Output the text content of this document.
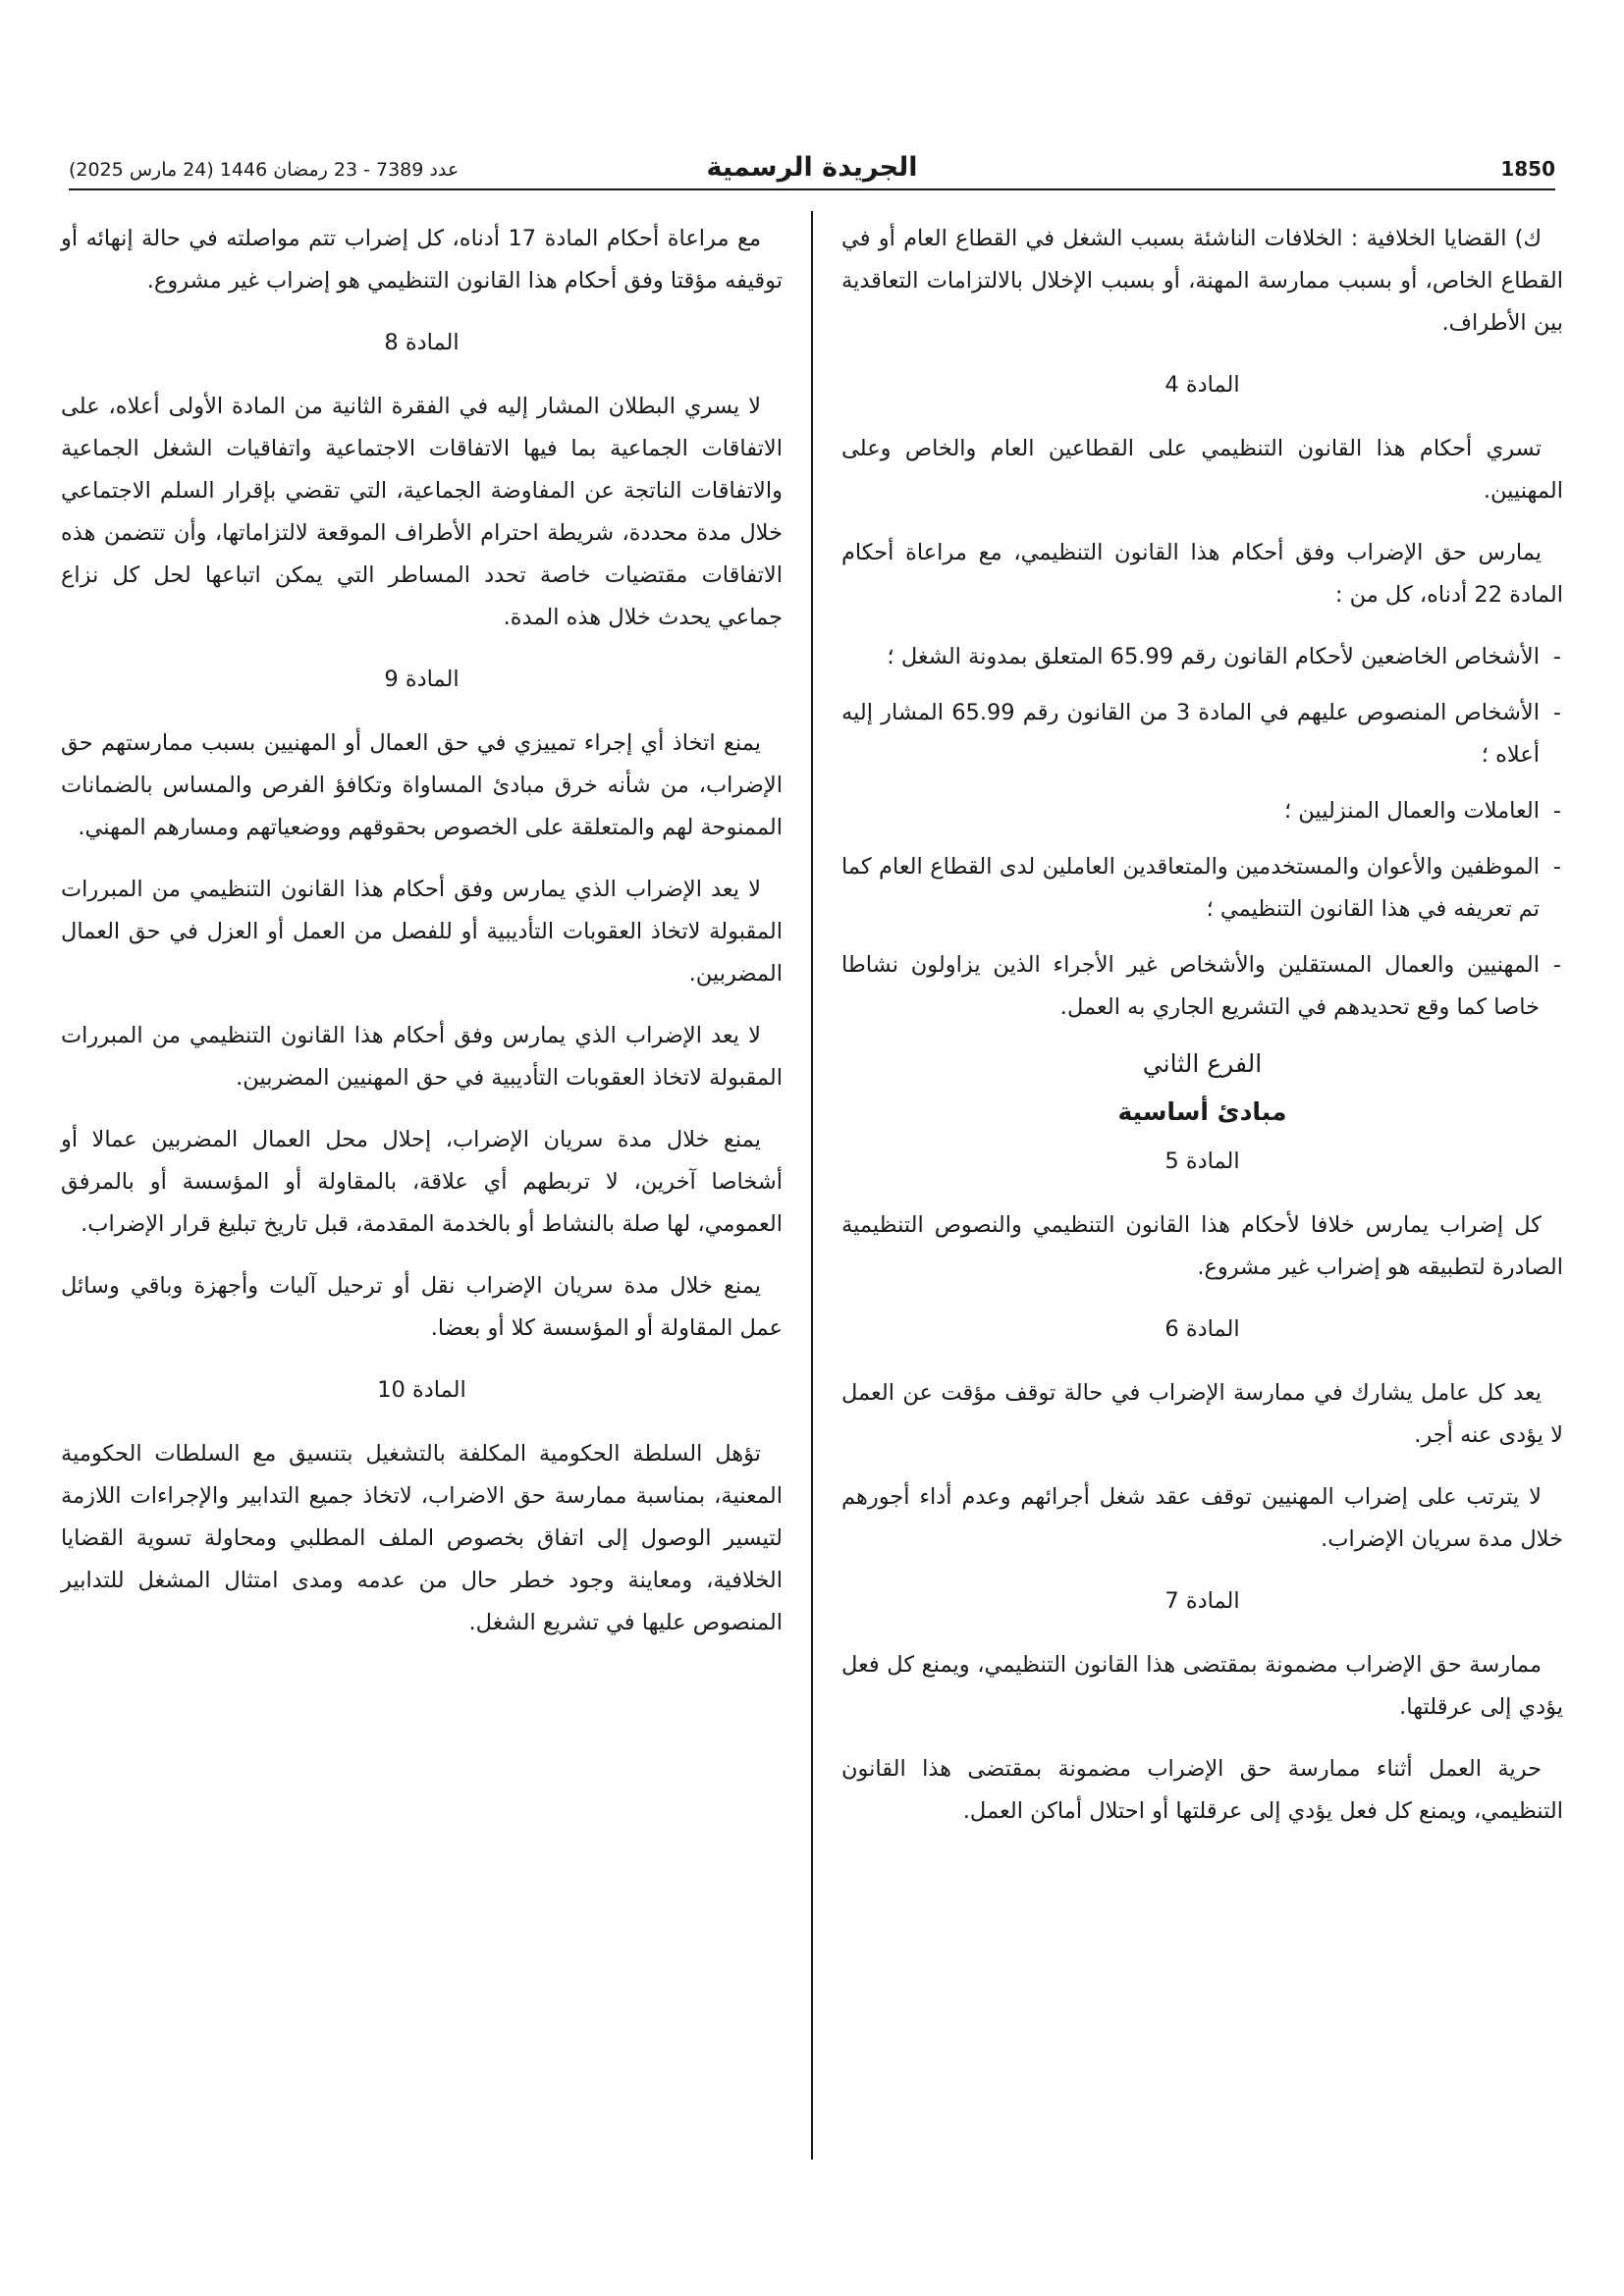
1850
الجريدة الرسمية
عدد 7389 - 23 رمضان 1446 (24 مارس 2025)

ك) القضايا الخلافية : الخلافات الناشئة بسبب الشغل في القطاع العام أو في القطاع الخاص، أو بسبب ممارسة المهنة، أو بسبب الإخلال بالالتزامات التعاقدية بين الأطراف.

المادة 4

تسري أحكام هذا القانون التنظيمي على القطاعين العام والخاص وعلى المهنيين.

يمارس حق الإضراب وفق أحكام هذا القانون التنظيمي، مع مراعاة أحكام المادة 22 أدناه، كل من :

- الأشخاص الخاضعين لأحكام القانون رقم 65.99 المتعلق بمدونة الشغل ؛
- الأشخاص المنصوص عليهم في المادة 3 من القانون رقم 65.99 المشار إليه أعلاه ؛
- العاملات والعمال المنزليين ؛
- الموظفين والأعوان والمستخدمين والمتعاقدين العاملين لدى القطاع العام كما تم تعريفه في هذا القانون التنظيمي ؛
- المهنيين والعمال المستقلين والأشخاص غير الأجراء الذين يزاولون نشاطا خاصا كما وقع تحديدهم في التشريع الجاري به العمل.

الفرع الثاني

مبادئ أساسية

المادة 5

كل إضراب يمارس خلافا لأحكام هذا القانون التنظيمي والنصوص التنظيمية الصادرة لتطبيقه هو إضراب غير مشروع.

المادة 6

يعد كل عامل يشارك في ممارسة الإضراب في حالة توقف مؤقت عن العمل لا يؤدى عنه أجر.

لا يترتب على إضراب المهنيين توقف عقد شغل أجرائهم وعدم أداء أجورهم خلال مدة سريان الإضراب.

المادة 7

ممارسة حق الإضراب مضمونة بمقتضى هذا القانون التنظيمي، ويمنع كل فعل يؤدي إلى عرقلتها.

حرية العمل أثناء ممارسة حق الإضراب مضمونة بمقتضى هذا القانون التنظيمي، ويمنع كل فعل يؤدي إلى عرقلتها أو احتلال أماكن العمل.

مع مراعاة أحكام المادة 17 أدناه، كل إضراب تتم مواصلته في حالة إنهائه أو توقيفه مؤقتا وفق أحكام هذا القانون التنظيمي هو إضراب غير مشروع.

المادة 8

لا يسري البطلان المشار إليه في الفقرة الثانية من المادة الأولى أعلاه، على الاتفاقات الجماعية بما فيها الاتفاقات الاجتماعية واتفاقيات الشغل الجماعية والاتفاقات الناتجة عن المفاوضة الجماعية، التي تقضي بإقرار السلم الاجتماعي خلال مدة محددة، شريطة احترام الأطراف الموقعة لالتزاماتها، وأن تتضمن هذه الاتفاقات مقتضيات خاصة تحدد المساطر التي يمكن اتباعها لحل كل نزاع جماعي يحدث خلال هذه المدة.

المادة 9

يمنع اتخاذ أي إجراء تمييزي في حق العمال أو المهنيين بسبب ممارستهم حق الإضراب، من شأنه خرق مبادئ المساواة وتكافؤ الفرص والمساس بالضمانات الممنوحة لهم والمتعلقة على الخصوص بحقوقهم ووضعياتهم ومسارهم المهني.

لا يعد الإضراب الذي يمارس وفق أحكام هذا القانون التنظيمي من المبررات المقبولة لاتخاذ العقوبات التأديبية أو للفصل من العمل أو العزل في حق العمال المضربين.

لا يعد الإضراب الذي يمارس وفق أحكام هذا القانون التنظيمي من المبررات المقبولة لاتخاذ العقوبات التأديبية في حق المهنيين المضربين.

يمنع خلال مدة سريان الإضراب، إحلال محل العمال المضربين عمالا أو أشخاصا آخرين، لا تربطهم أي علاقة، بالمقاولة أو المؤسسة أو بالمرفق العمومي، لها صلة بالنشاط أو بالخدمة المقدمة، قبل تاريخ تبليغ قرار الإضراب.

يمنع خلال مدة سريان الإضراب نقل أو ترحيل آليات وأجهزة وباقي وسائل عمل المقاولة أو المؤسسة كلا أو بعضا.

المادة 10

تؤهل السلطة الحكومية المكلفة بالتشغيل بتنسيق مع السلطات الحكومية المعنية، بمناسبة ممارسة حق الاضراب، لاتخاذ جميع التدابير والإجراءات اللازمة لتيسير الوصول إلى اتفاق بخصوص الملف المطلبي ومحاولة تسوية القضايا الخلافية، ومعاينة وجود خطر حال من عدمه ومدى امتثال المشغل للتدابير المنصوص عليها في تشريع الشغل.
